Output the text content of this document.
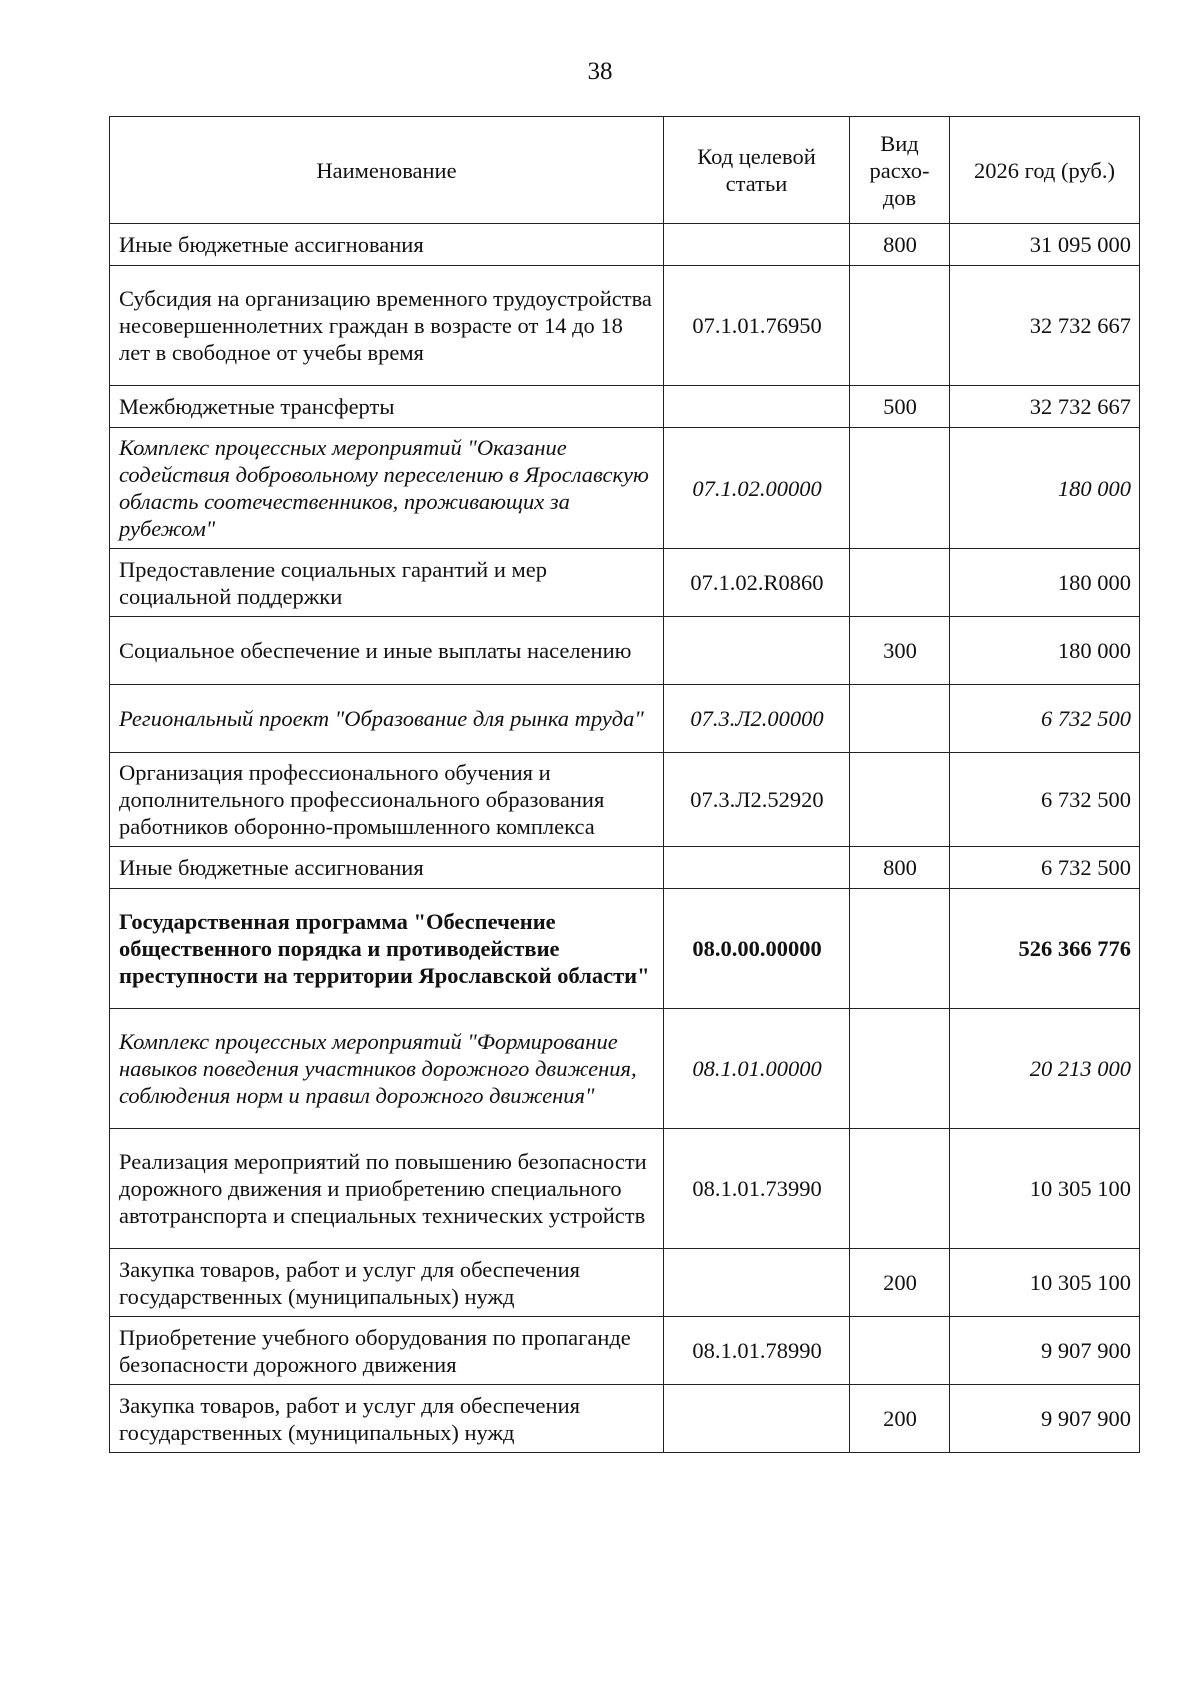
38
Наименование	Код целевой статьи	Вид расхо-дов	2026 год (руб.)
Иные бюджетные ассигнования		800	31 095 000
Субсидия на организацию временного трудоустройства несовершеннолетних граждан в возрасте от 14 до 18 лет в свободное от учебы время	07.1.01.76950		32 732 667
Межбюджетные трансферты		500	32 732 667
Комплекс процессных мероприятий "Оказание содействия добровольному переселению в Ярославскую область соотечественников, проживающих за рубежом"	07.1.02.00000		180 000
Предоставление социальных гарантий и мер социальной поддержки	07.1.02.R0860		180 000
Социальное обеспечение и иные выплаты населению		300	180 000
Региональный проект "Образование для рынка труда"	07.3.Л2.00000		6 732 500
Организация профессионального обучения и дополнительного профессионального образования работников оборонно-промышленного комплекса	07.3.Л2.52920		6 732 500
Иные бюджетные ассигнования		800	6 732 500
Государственная программа "Обеспечение общественного порядка и противодействие преступности на территории Ярославской области"	08.0.00.00000		526 366 776
Комплекс процессных мероприятий "Формирование навыков поведения участников дорожного движения, соблюдения норм и правил дорожного движения"	08.1.01.00000		20 213 000
Реализация мероприятий по повышению безопасности дорожного движения и приобретению специального автотранспорта и специальных технических устройств	08.1.01.73990		10 305 100
Закупка товаров, работ и услуг для обеспечения государственных (муниципальных) нужд		200	10 305 100
Приобретение учебного оборудования по пропаганде безопасности дорожного движения	08.1.01.78990		9 907 900
Закупка товаров, работ и услуг для обеспечения государственных (муниципальных) нужд		200	9 907 900
